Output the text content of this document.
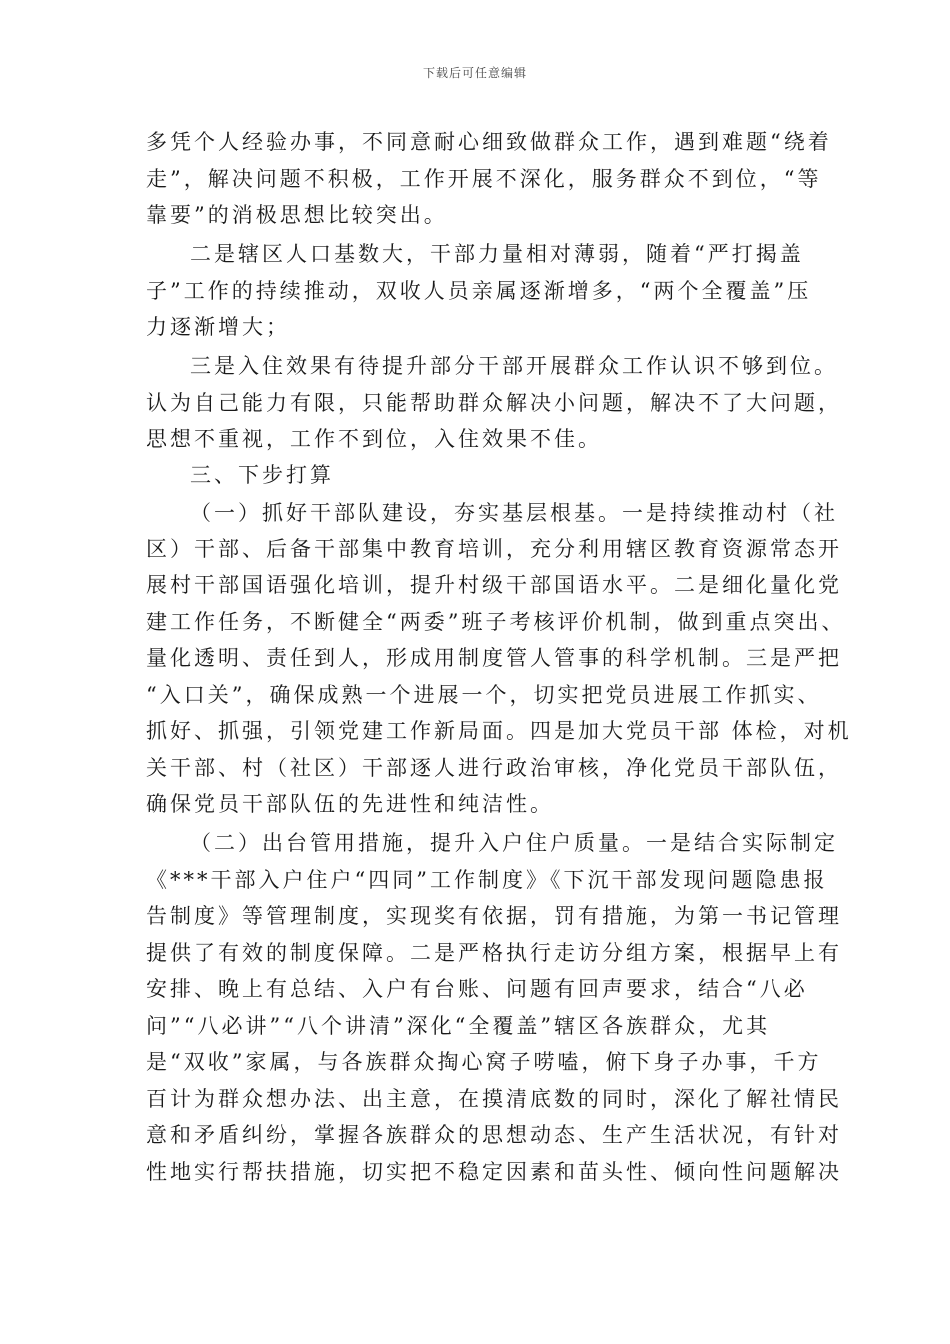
下载后可任意编辑
多凭个人经验办事，不同意耐心细致做群众工作，遇到难题“绕着
走”，解决问题不积极，工作开展不深化，服务群众不到位，“等
靠要”的消极思想比较突出。
二是辖区人口基数大，干部力量相对薄弱，随着“严打揭盖
子”工作的持续推动，双收人员亲属逐渐增多，“两个全覆盖”压
力逐渐增大；
三是入住效果有待提升部分干部开展群众工作认识不够到位。
认为自己能力有限，只能帮助群众解决小问题，解决不了大问题，
思想不重视，工作不到位，入住效果不佳。
三、下步打算
（一）抓好干部队建设，夯实基层根基。一是持续推动村（社
区）干部、后备干部集中教育培训，充分利用辖区教育资源常态开
展村干部国语强化培训，提升村级干部国语水平。二是细化量化党
建工作任务，不断健全“两委”班子考核评价机制，做到重点突出、
量化透明、责任到人，形成用制度管人管事的科学机制。三是严把
“入口关”，确保成熟一个进展一个，切实把党员进展工作抓实、
抓好、抓强，引领党建工作新局面。四是加大党员干部 体检，对机
关干部、村（社区）干部逐人进行政治审核，净化党员干部队伍，
确保党员干部队伍的先进性和纯洁性。
（二）出台管用措施，提升入户住户质量。一是结合实际制定
《***干部入户住户“四同”工作制度》《下沉干部发现问题隐患报
告制度》等管理制度，实现奖有依据，罚有措施，为第一书记管理
提供了有效的制度保障。二是严格执行走访分组方案，根据早上有
安排、晚上有总结、入户有台账、问题有回声要求，结合“八必
问”“八必讲”“八个讲清”深化“全覆盖”辖区各族群众，尤其
是“双收”家属，与各族群众掏心窝子唠嗑，俯下身子办事，千方
百计为群众想办法、出主意，在摸清底数的同时，深化了解社情民
意和矛盾纠纷，掌握各族群众的思想动态、生产生活状况，有针对
性地实行帮扶措施，切实把不稳定因素和苗头性、倾向性问题解决
